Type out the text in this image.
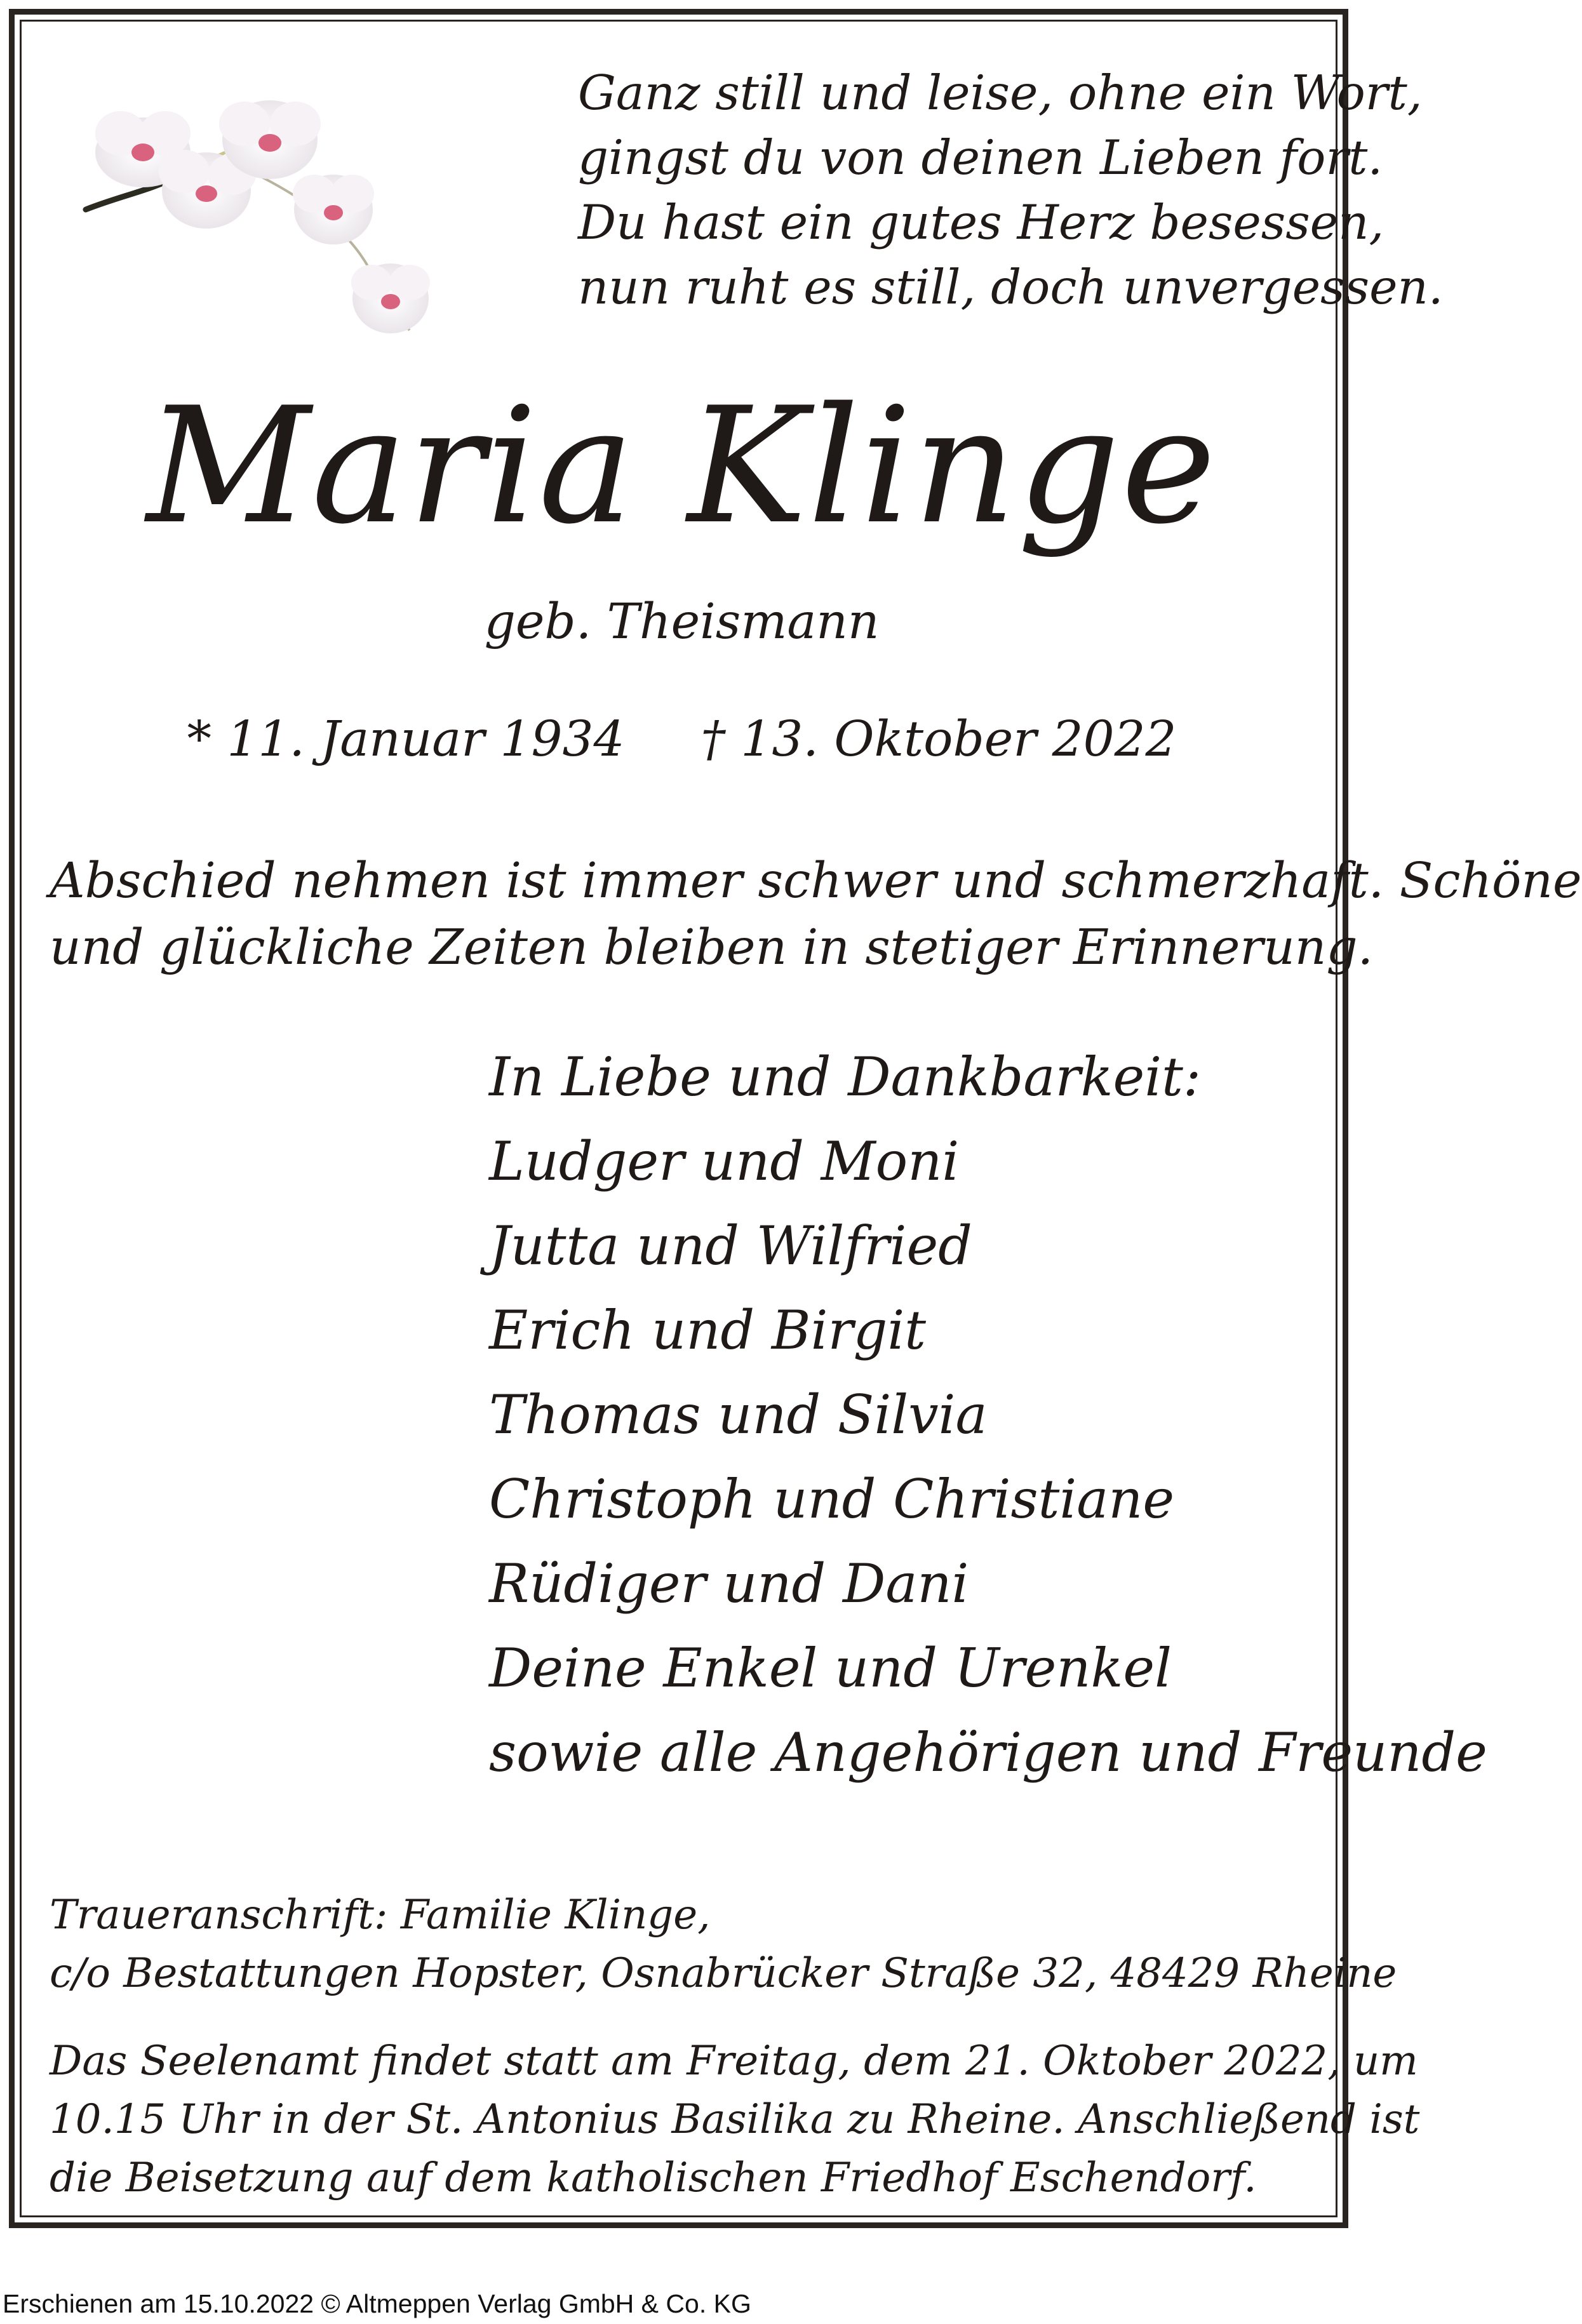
Ganz still und leise, ohne ein Wort,
gingst du von deinen Lieben fort.
Du hast ein gutes Herz besessen,
nun ruht es still, doch unvergessen.
Maria Klinge
geb. Theismann
* 11. Januar 1934 † 13. Oktober 2022
Abschied nehmen ist immer schwer und schmerzhaft. Schöne
und glückliche Zeiten bleiben in stetiger Erinnerung.
In Liebe und Dankbarkeit:
Ludger und Moni
Jutta und Wilfried
Erich und Birgit
Thomas und Silvia
Christoph und Christiane
Rüdiger und Dani
Deine Enkel und Urenkel
sowie alle Angehörigen und Freunde
Traueranschrift: Familie Klinge,
c/o Bestattungen Hopster, Osnabrücker Straße 32, 48429 Rheine
Das Seelenamt findet statt am Freitag, dem 21. Oktober 2022, um
10.15 Uhr in der St. Antonius Basilika zu Rheine. Anschließend ist
die Beisetzung auf dem katholischen Friedhof Eschendorf.
Erschienen am 15.10.2022 © Altmeppen Verlag GmbH & Co. KG
